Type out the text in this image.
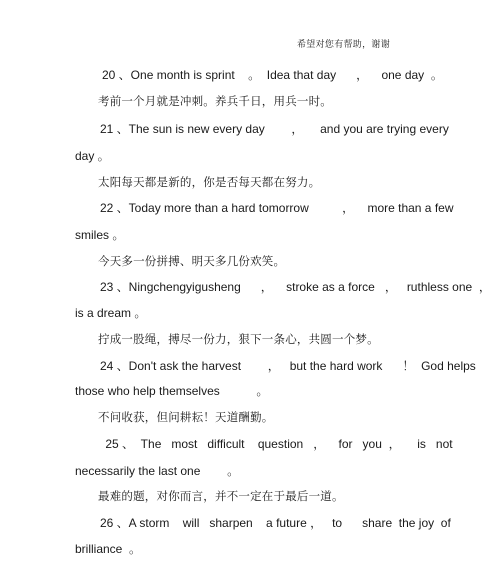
希望对您有帮助，谢谢
20 、One month is sprint    。  Idea that day      ，    one day  。
考前一个月就是冲刺。养兵千日，用兵一时。
21 、The sun is new every day        ，     and you are trying every
day 。
太阳每天都是新的，你是否每天都在努力。
22 、Today more than a hard tomorrow          ，    more than a few
smiles 。
今天多一份拼搏、明天多几份欢笑。
23 、Ningchengyigusheng      ，    stroke as a force   ，   ruthless one  ，
is a dream 。
拧成一股绳，搏尽一份力，狠下一条心，共圆一个梦。
24 、Don't ask the harvest        ，   but the hard work      ！  God helps
those who help themselves           。
不问收获，但问耕耘！天道酬勤。
25 、  The   most   difficult    question   ，    for   you  ，     is   not
necessarily the last one        。
最难的题，对你而言，并不一定在于最后一道。
26 、A storm    will   sharpen    a future ，   to      share  the joy  of
brilliance  。
